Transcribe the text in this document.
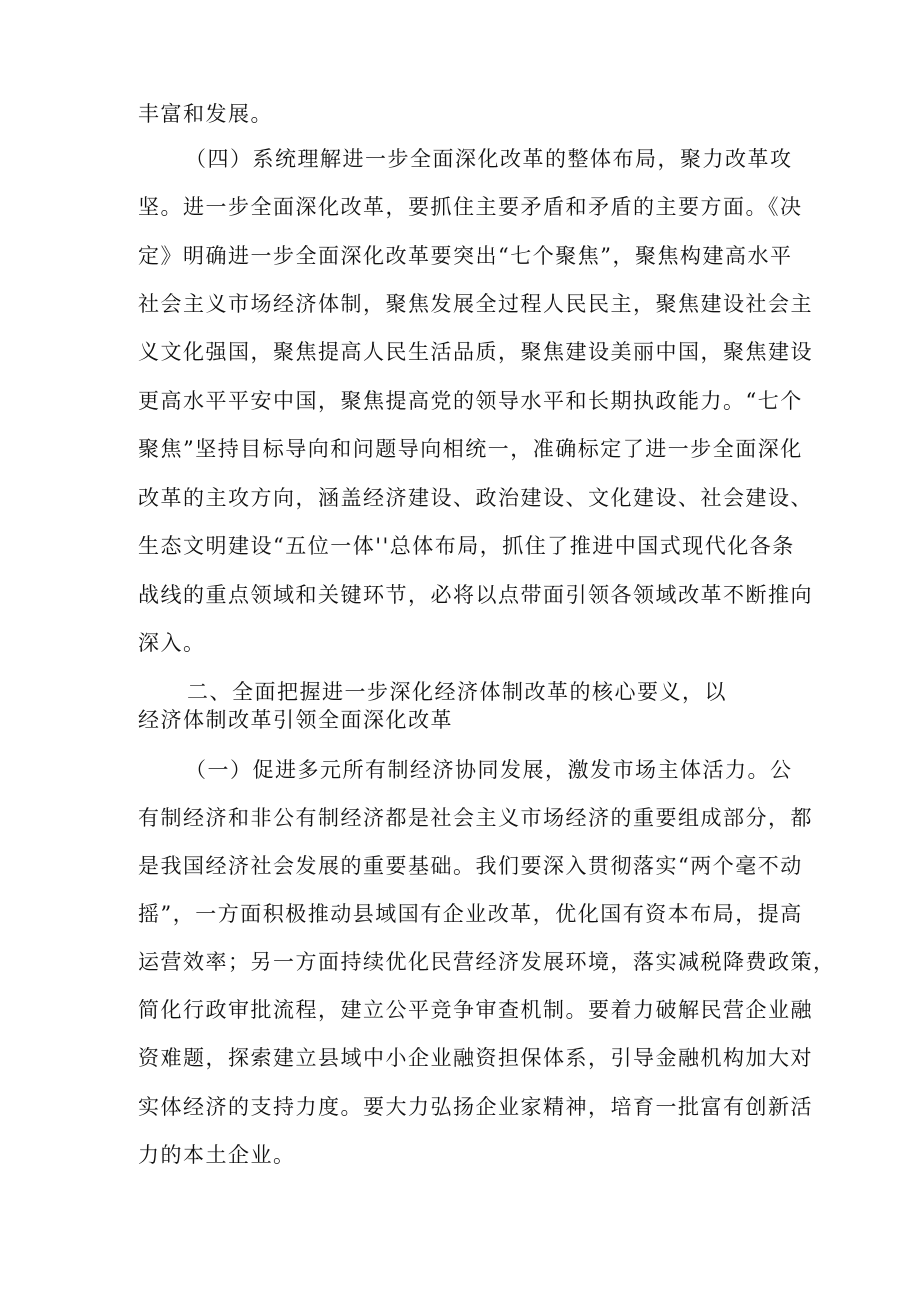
丰富和发展。
（四）系统理解进一步全面深化改革的整体布局，聚力改革攻
坚。进一步全面深化改革，要抓住主要矛盾和矛盾的主要方面。《决
定》明确进一步全面深化改革要突出“七个聚焦”，聚焦构建高水平
社会主义市场经济体制，聚焦发展全过程人民民主，聚焦建设社会主
义文化强国，聚焦提高人民生活品质，聚焦建设美丽中国，聚焦建设
更高水平平安中国，聚焦提高党的领导水平和长期执政能力。“七个
聚焦”坚持目标导向和问题导向相统一，准确标定了进一步全面深化
改革的主攻方向，涵盖经济建设、政治建设、文化建设、社会建设、
生态文明建设“五位一体''总体布局，抓住了推进中国式现代化各条
战线的重点领域和关键环节，必将以点带面引领各领域改革不断推向
深入。
二、全面把握进一步深化经济体制改革的核心要义，以
经济体制改革引领全面深化改革
（一）促进多元所有制经济协同发展，激发市场主体活力。公
有制经济和非公有制经济都是社会主义市场经济的重要组成部分，都
是我国经济社会发展的重要基础。我们要深入贯彻落实“两个毫不动
摇”，一方面积极推动县域国有企业改革，优化国有资本布局，提高
运营效率；另一方面持续优化民营经济发展环境，落实减税降费政策，
简化行政审批流程，建立公平竞争审查机制。要着力破解民营企业融
资难题，探索建立县域中小企业融资担保体系，引导金融机构加大对
实体经济的支持力度。要大力弘扬企业家精神，培育一批富有创新活
力的本土企业。
